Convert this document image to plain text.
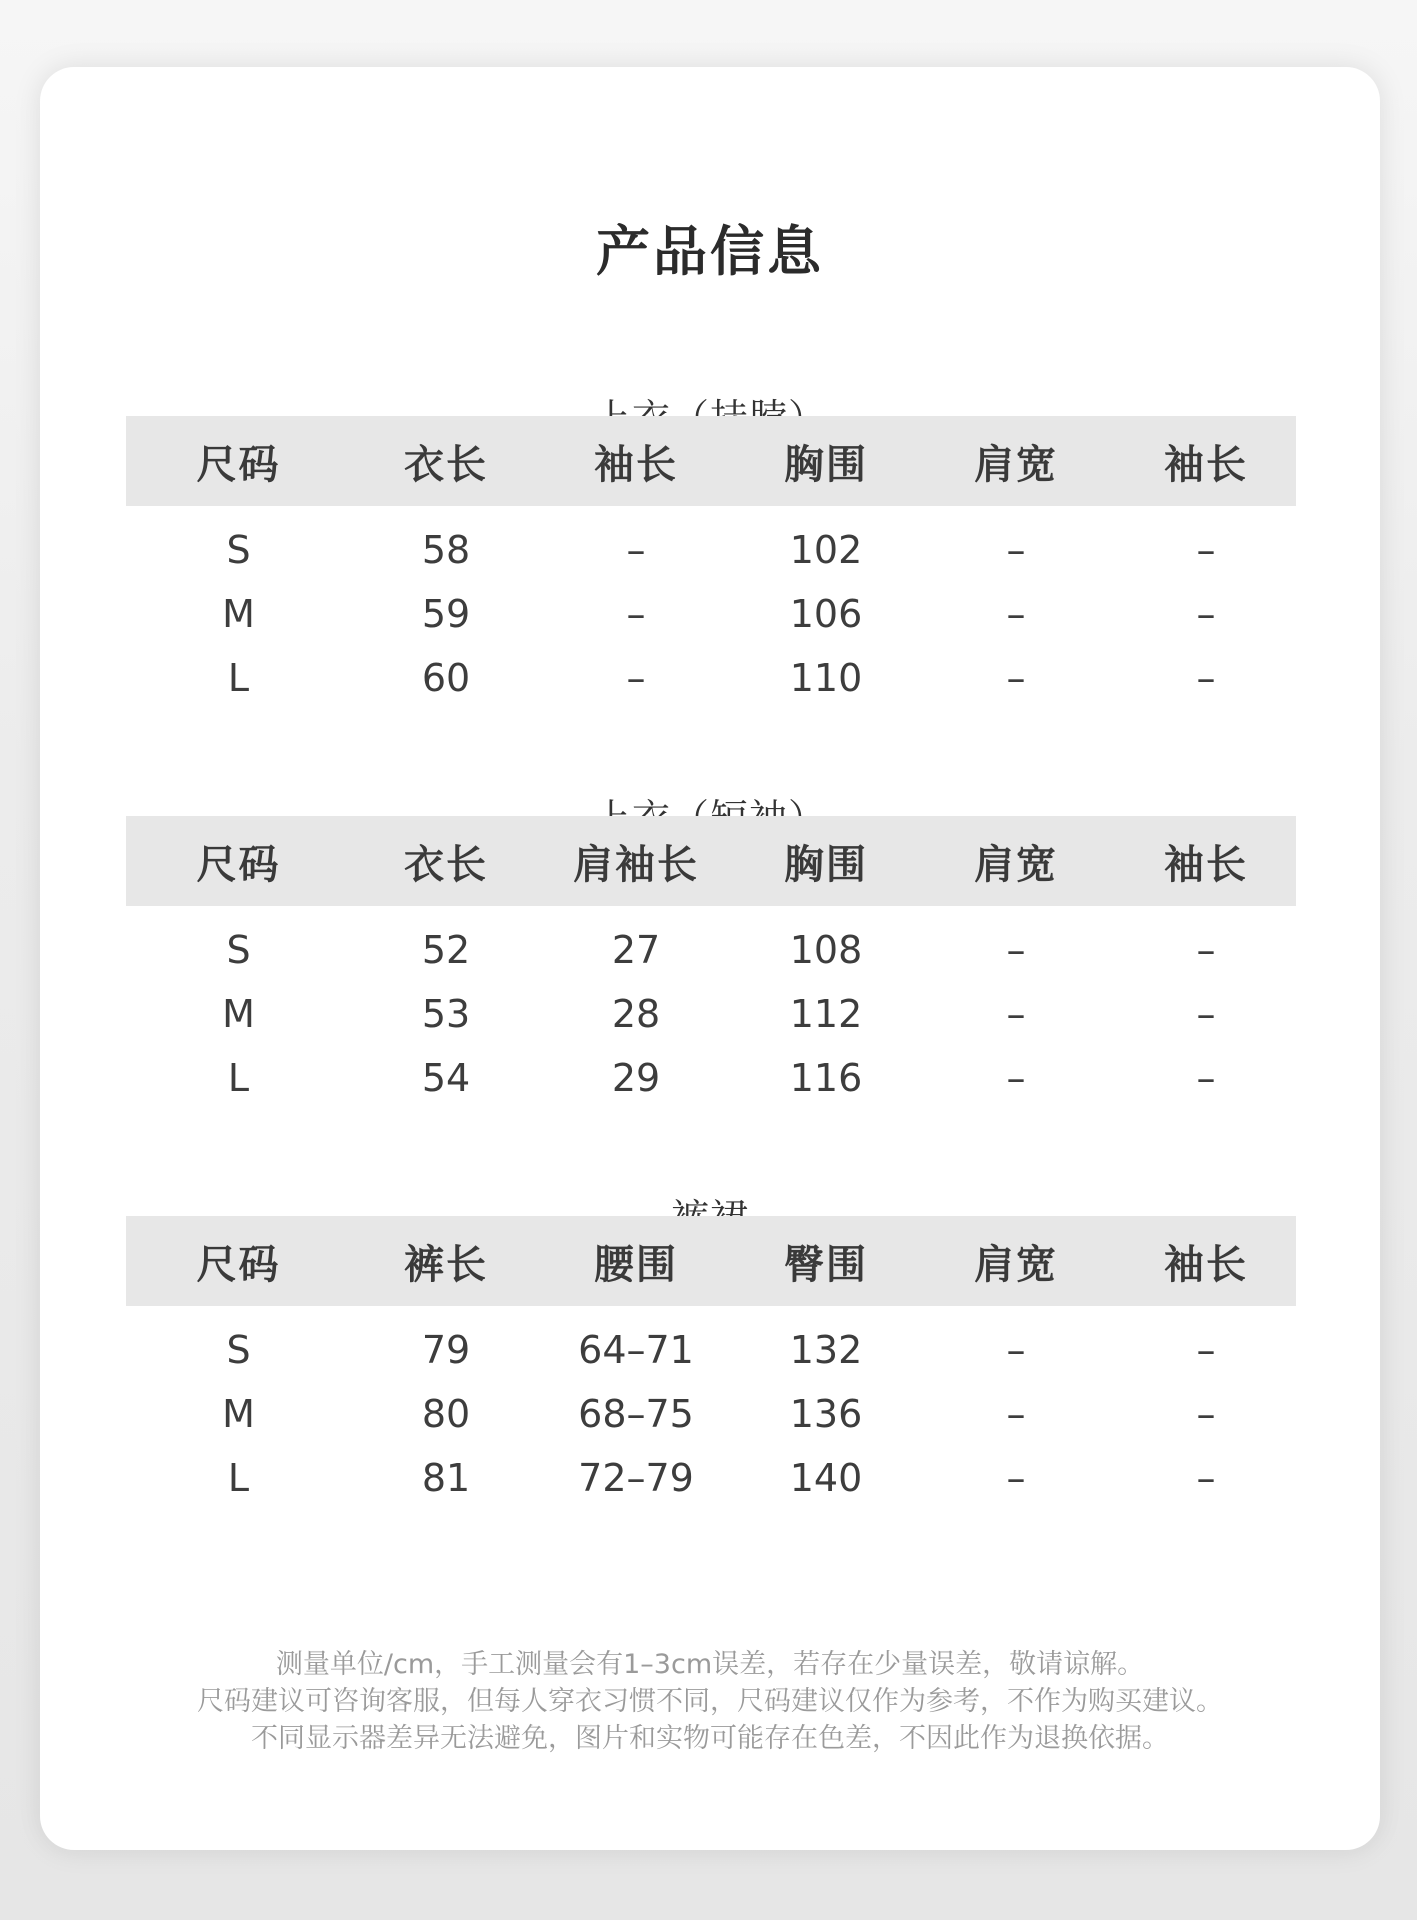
产品信息
尺码	衣长	袖长	胸围	肩宽	袖长
S	58	–	102	–	–
M	59	–	106	–	–
L	60	–	110	–	–
尺码	衣长	肩袖长	胸围	肩宽	袖长
S	52	27	108	–	–
M	53	28	112	–	–
L	54	29	116	–	–
尺码	裤长	腰围	臀围	肩宽	袖长
S	79	64–71	132	–	–
M	80	68–75	136	–	–
L	81	72–79	140	–	–
测量单位/cm，手工测量会有1–3cm误差，若存在少量误差，敬请谅解。
尺码建议可咨询客服，但每人穿衣习惯不同，尺码建议仅作为参考，不作为购买建议。
不同显示器差异无法避免，图片和实物可能存在色差，不因此作为退换依据。
